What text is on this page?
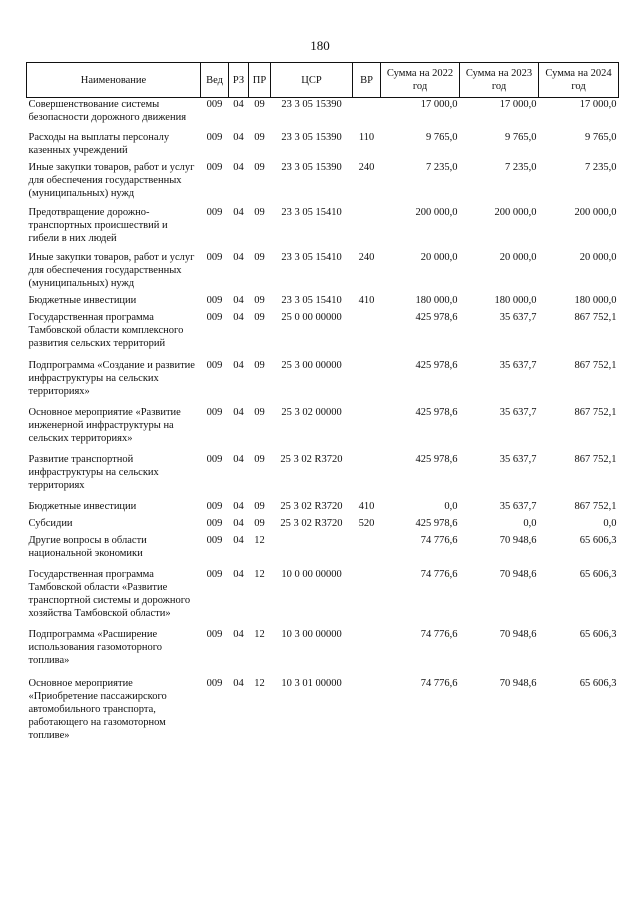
180
Наименование	Вед	РЗ	ПР	ЦСР	ВР	Сумма на 2022 год	Сумма на 2023 год	Сумма на 2024 год
Совершенствование системы безопасности дорожного движения	009	04	09	23 3 05 15390		17 000,0	17 000,0	17 000,0
Расходы на выплаты персоналу казенных учреждений	009	04	09	23 3 05 15390	110	9 765,0	9 765,0	9 765,0
Иные закупки товаров, работ и услуг для обеспечения государственных (муниципальных) нужд	009	04	09	23 3 05 15390	240	7 235,0	7 235,0	7 235,0
Предотвращение дорожно-транспортных происшествий и гибели в них людей	009	04	09	23 3 05 15410		200 000,0	200 000,0	200 000,0
Иные закупки товаров, работ и услуг для обеспечения государственных (муниципальных) нужд	009	04	09	23 3 05 15410	240	20 000,0	20 000,0	20 000,0
Бюджетные инвестиции	009	04	09	23 3 05 15410	410	180 000,0	180 000,0	180 000,0
Государственная программа Тамбовской области комплексного развития сельских территорий	009	04	09	25 0 00 00000		425 978,6	35 637,7	867 752,1
Подпрограмма «Создание и развитие инфраструктуры на сельских территориях»	009	04	09	25 3 00 00000		425 978,6	35 637,7	867 752,1
Основное мероприятие «Развитие инженерной инфраструктуры на сельских территориях»	009	04	09	25 3 02 00000		425 978,6	35 637,7	867 752,1
Развитие транспортной инфраструктуры на сельских территориях	009	04	09	25 3 02 R3720		425 978,6	35 637,7	867 752,1
Бюджетные инвестиции	009	04	09	25 3 02 R3720	410	0,0	35 637,7	867 752,1
Субсидии	009	04	09	25 3 02 R3720	520	425 978,6	0,0	0,0
Другие вопросы в области национальной экономики	009	04	12			74 776,6	70 948,6	65 606,3
Государственная программа Тамбовской области «Развитие транспортной системы и дорожного хозяйства Тамбовской области»	009	04	12	10 0 00 00000		74 776,6	70 948,6	65 606,3
Подпрограмма «Расширение использования газомоторного топлива»	009	04	12	10 3 00 00000		74 776,6	70 948,6	65 606,3
Основное мероприятие «Приобретение пассажирского автомобильного транспорта, работающего на газомоторном топливе»	009	04	12	10 3 01 00000		74 776,6	70 948,6	65 606,3
